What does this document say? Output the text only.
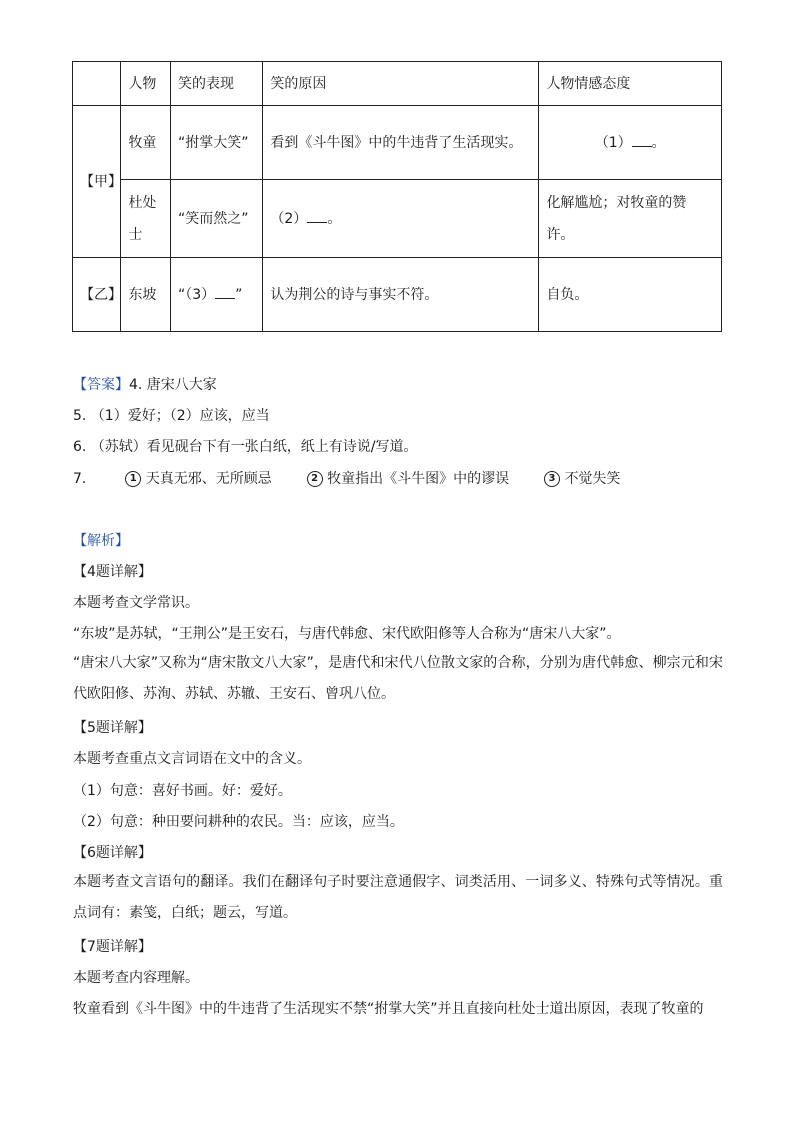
	人物	笑的表现	笑的原因	人物情感态度
【甲】	牧童	“拊掌大笑”	看到《斗牛图》中的牛违背了生活现实。	（1） 。
	杜处士	“笑而然之”	（2） 。	化解尴尬；对牧童的赞许。
【乙】	东坡	“（3） ”	认为荆公的诗与事实不符。	自负。
【答案】4. 唐宋八大家
5. （1）爱好；（2）应该，应当
6. （苏轼）看见砚台下有一张白纸，纸上有诗说/写道。
7.	1 天真无邪、无所顾忌	2 牧童指出《斗牛图》中的谬误	3 不觉失笑
【解析】
【4题详解】
本题考查文学常识。
“东坡”是苏轼，“王荆公”是王安石，与唐代韩愈、宋代欧阳修等人合称为“唐宋八大家”。
“唐宋八大家”又称为“唐宋散文八大家”，是唐代和宋代八位散文家的合称，分别为唐代韩愈、柳宗元和宋代欧阳修、苏洵、苏轼、苏辙、王安石、曾巩八位。
【5题详解】
本题考查重点文言词语在文中的含义。
（1）句意：喜好书画。好：爱好。
（2）句意：种田要问耕种的农民。当：应该，应当。
【6题详解】
本题考查文言语句的翻译。我们在翻译句子时要注意通假字、词类活用、一词多义、特殊句式等情况。重点词有：素笺，白纸；题云，写道。
【7题详解】
本题考查内容理解。
牧童看到《斗牛图》中的牛违背了生活现实不禁“拊掌大笑”并且直接向杜处士道出原因，表现了牧童的
